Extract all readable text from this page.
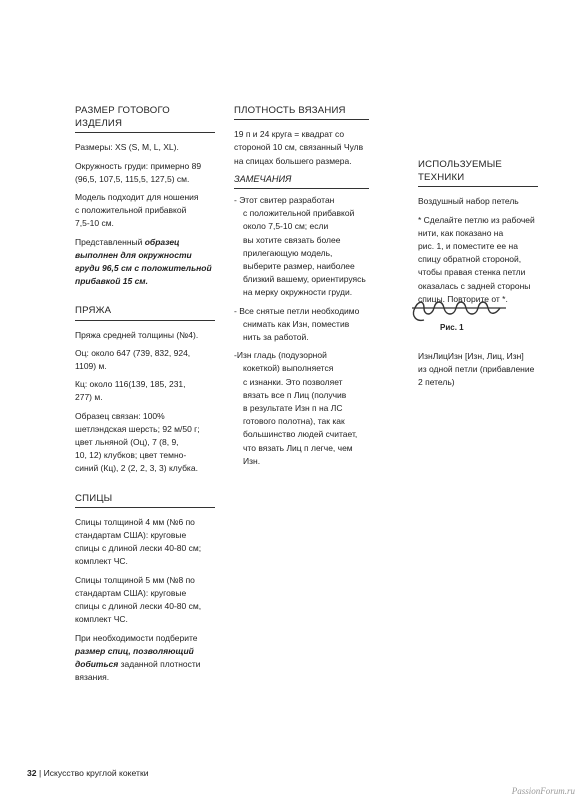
РАЗМЕР ГОТОВОГО ИЗДЕЛИЯ

Размеры: XS (S, M, L, XL).

Окружность груди: примерно 89
(96,5, 107,5, 115,5, 127,5) см.

Модель подходит для ношения
с положительной прибавкой
7,5-10 см.

Представленный образец
выполнен для окружности
груди 96,5 см с положительной
прибавкой 15 см.

ПРЯЖА

Пряжа средней толщины (№4).

Оц: около 647 (739, 832, 924,
1109) м.

Кц: около 116(139, 185, 231,
277) м.

Образец связан: 100%
шетлэндская шерсть; 92 м/50 г;
цвет льняной (Оц), 7 (8, 9,
10, 12) клубков; цвет темно-
синий (Кц), 2 (2, 2, 3, 3) клубка.

СПИЦЫ

Спицы толщиной 4 мм (№6 по
стандартам США): круговые
спицы с длиной лески 40-80 см;
комплект ЧС.

Спицы толщиной 5 мм (№8 по
стандартам США): круговые
спицы с длиной лески 40-80 см,
комплект ЧС.

При необходимости подберите
размер спиц, позволяющий
добиться заданной плотности
вязания.

ПЛОТНОСТЬ ВЯЗАНИЯ

19 п и 24 круга = квадрат со
стороной 10 см, связанный Чулв
на спицах большего размера.

ЗАМЕЧАНИЯ

- Этот свитер разработан
с положительной прибавкой
около 7,5-10 см; если
вы хотите связать более
прилегающую модель,
выберите размер, наиболее
близкий вашему, ориентируясь
на мерку окружности груди.

- Все снятые петли необходимо
снимать как Изн, поместив
нить за работой.

-Изн гладь (подузорной
кокеткой) выполняется
с изнанки. Это позволяет
вязать все п Лиц (получив
в результате Изн п на ЛС
готового полотна), так как
большинство людей считает,
что вязать Лиц п легче, чем
Изн.

ИСПОЛЬЗУЕМЫЕ ТЕХНИКИ

Воздушный набор петель

* Сделайте петлю из рабочей
нити, как показано на
рис. 1, и поместите ее на
спицу обратной стороной,
чтобы правая стенка петли
оказалась с задней стороны
спицы. Повторите от *.

Рис. 1

ИзнЛицИзн [Изн, Лиц, Изн]
из одной петли (прибавление
2 петель)

32 | Искусство круглой кокетки
PassionForum.ru
